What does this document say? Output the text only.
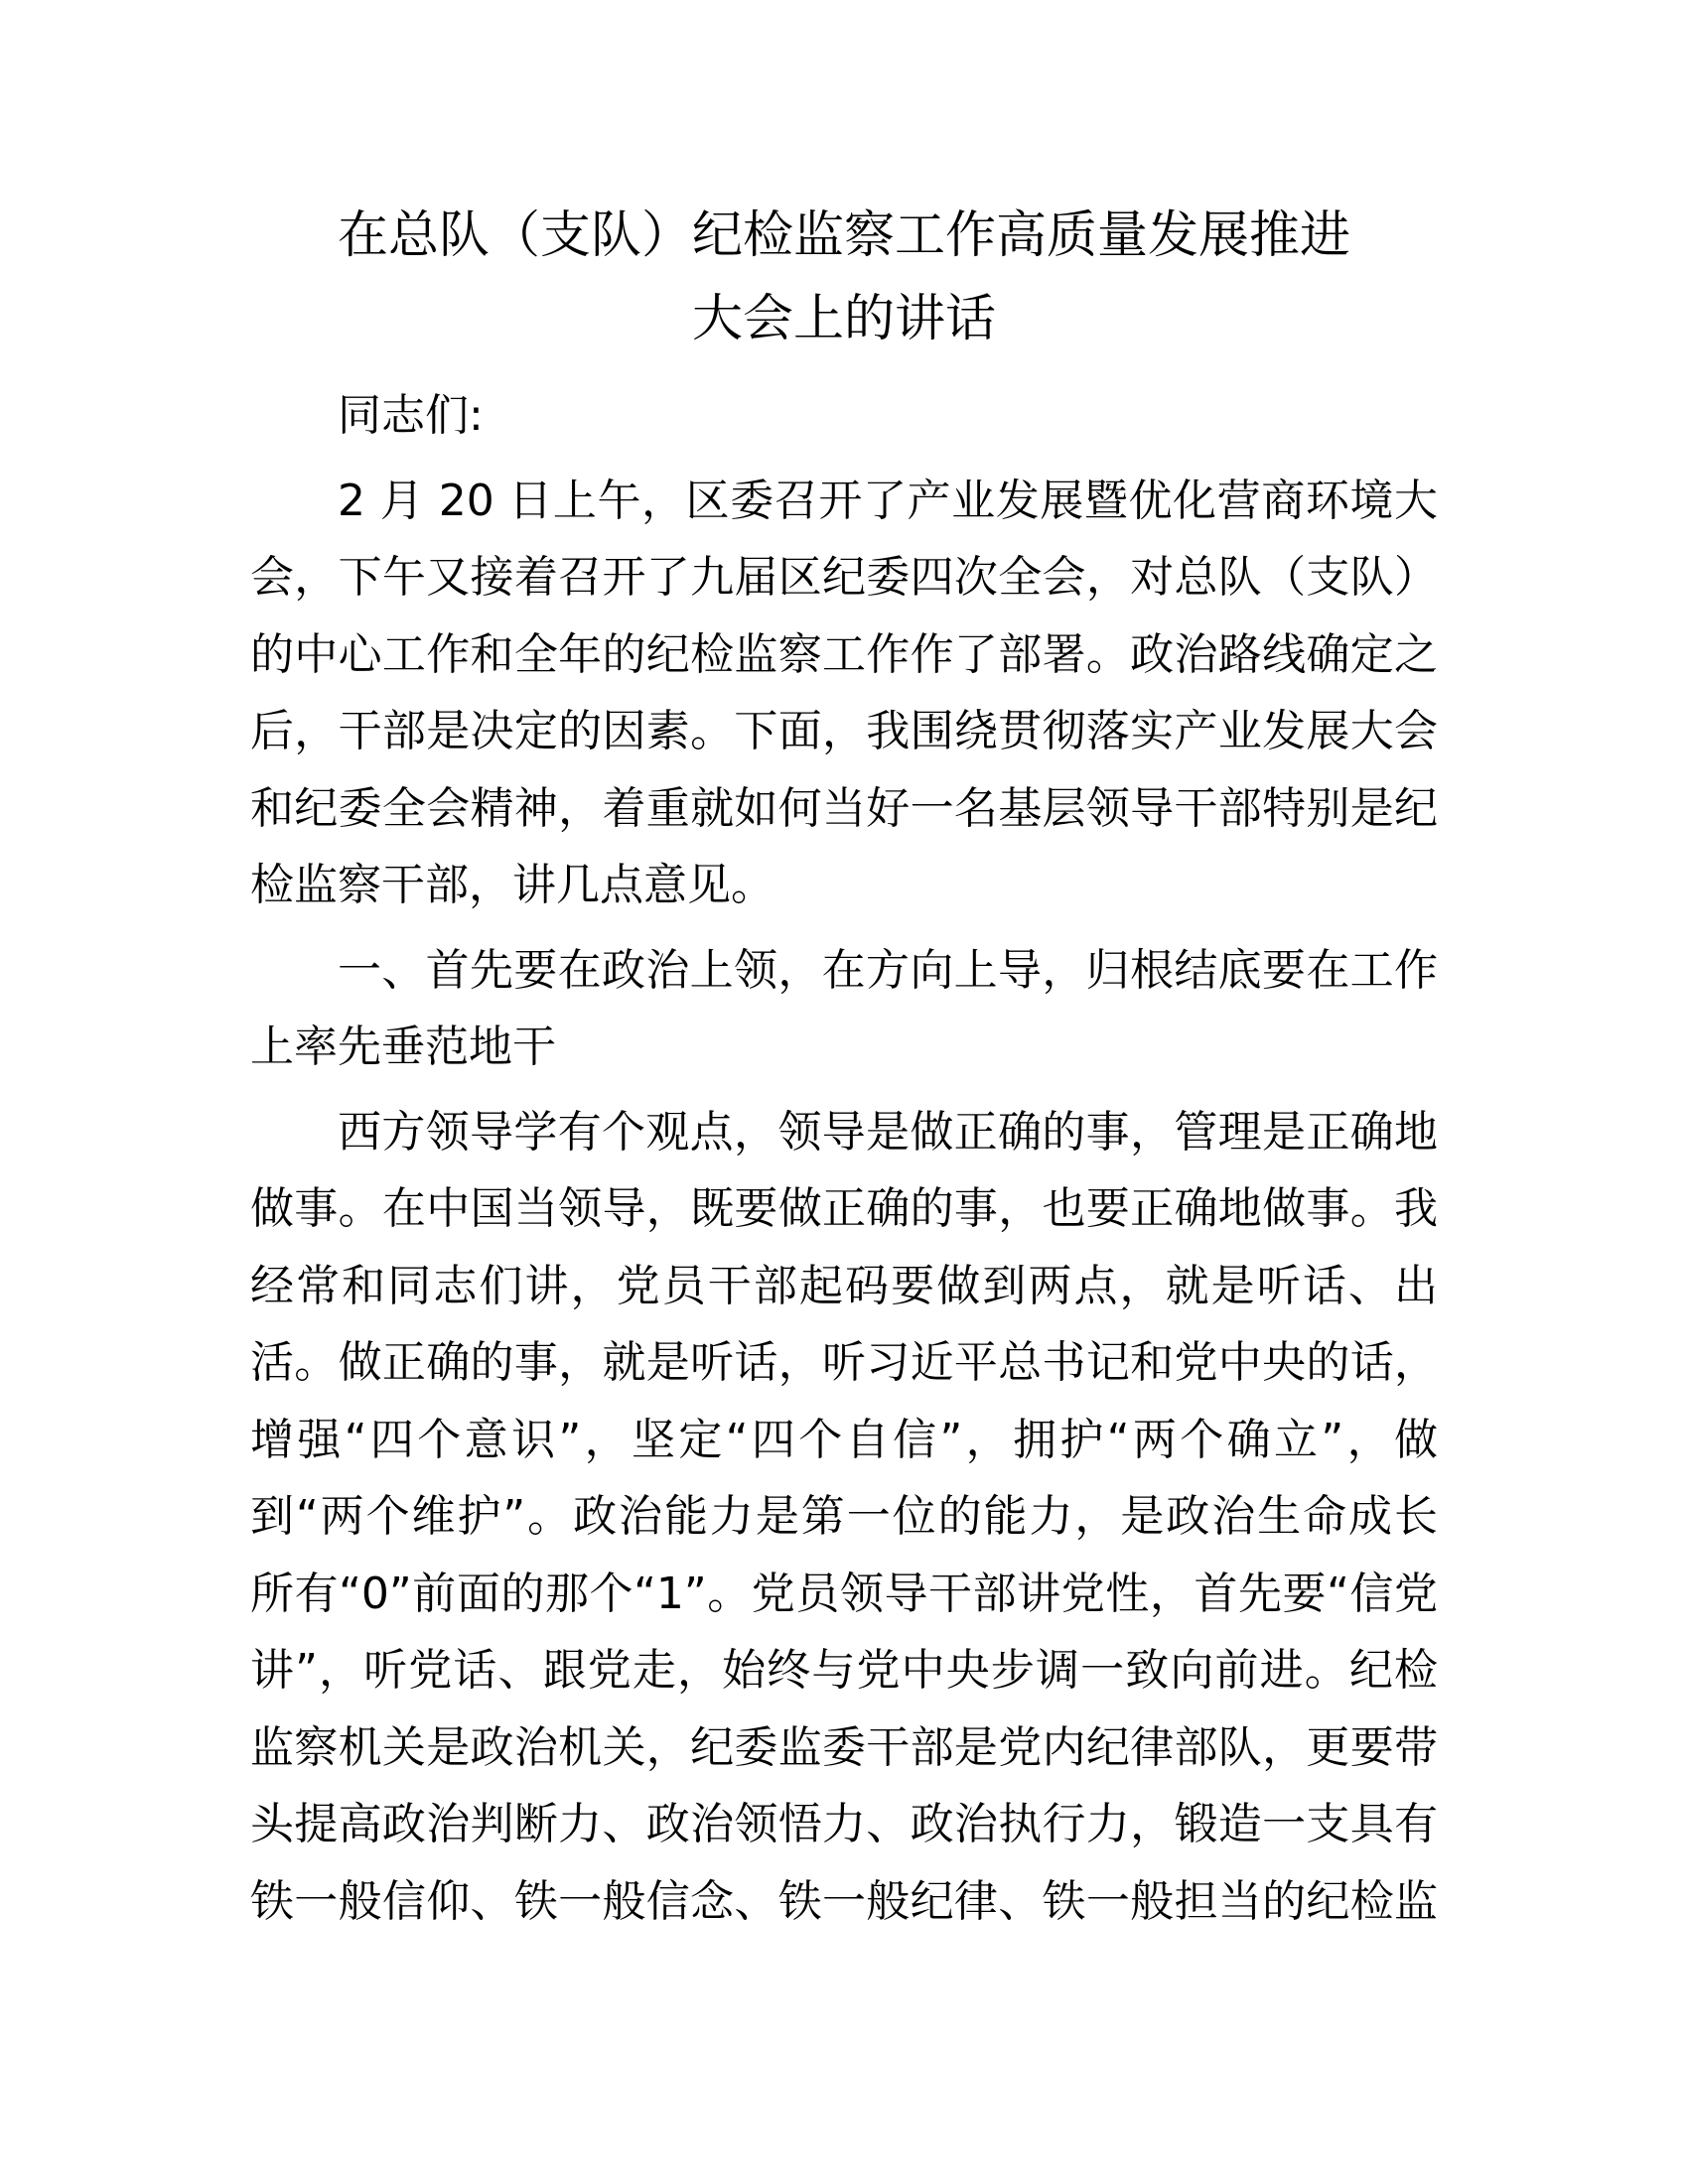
在总队（支队）纪检监察工作高质量发展推进
大会上的讲话
同志们:
2 月 20 日上午，区委召开了产业发展暨优化营商环境大
会，下午又接着召开了九届区纪委四次全会，对总队（支队）
的中心工作和全年的纪检监察工作作了部署。政治路线确定之
后，干部是决定的因素。下面，我围绕贯彻落实产业发展大会
和纪委全会精神，着重就如何当好一名基层领导干部特别是纪
检监察干部，讲几点意见。
一、首先要在政治上领，在方向上导，归根结底要在工作
上率先垂范地干
西方领导学有个观点，领导是做正确的事，管理是正确地
做事。在中国当领导，既要做正确的事，也要正确地做事。我
经常和同志们讲，党员干部起码要做到两点，就是听话、出
活。做正确的事，就是听话，听习近平总书记和党中央的话，
增强“四个意识”，坚定“四个自信”，拥护“两个确立”，做
到“两个维护”。政治能力是第一位的能力，是政治生命成长
所有“0”前面的那个“1”。党员领导干部讲党性，首先要“信党
讲”，听党话、跟党走，始终与党中央步调一致向前进。纪检
监察机关是政治机关，纪委监委干部是党内纪律部队，更要带
头提高政治判断力、政治领悟力、政治执行力，锻造一支具有
铁一般信仰、铁一般信念、铁一般纪律、铁一般担当的纪检监
